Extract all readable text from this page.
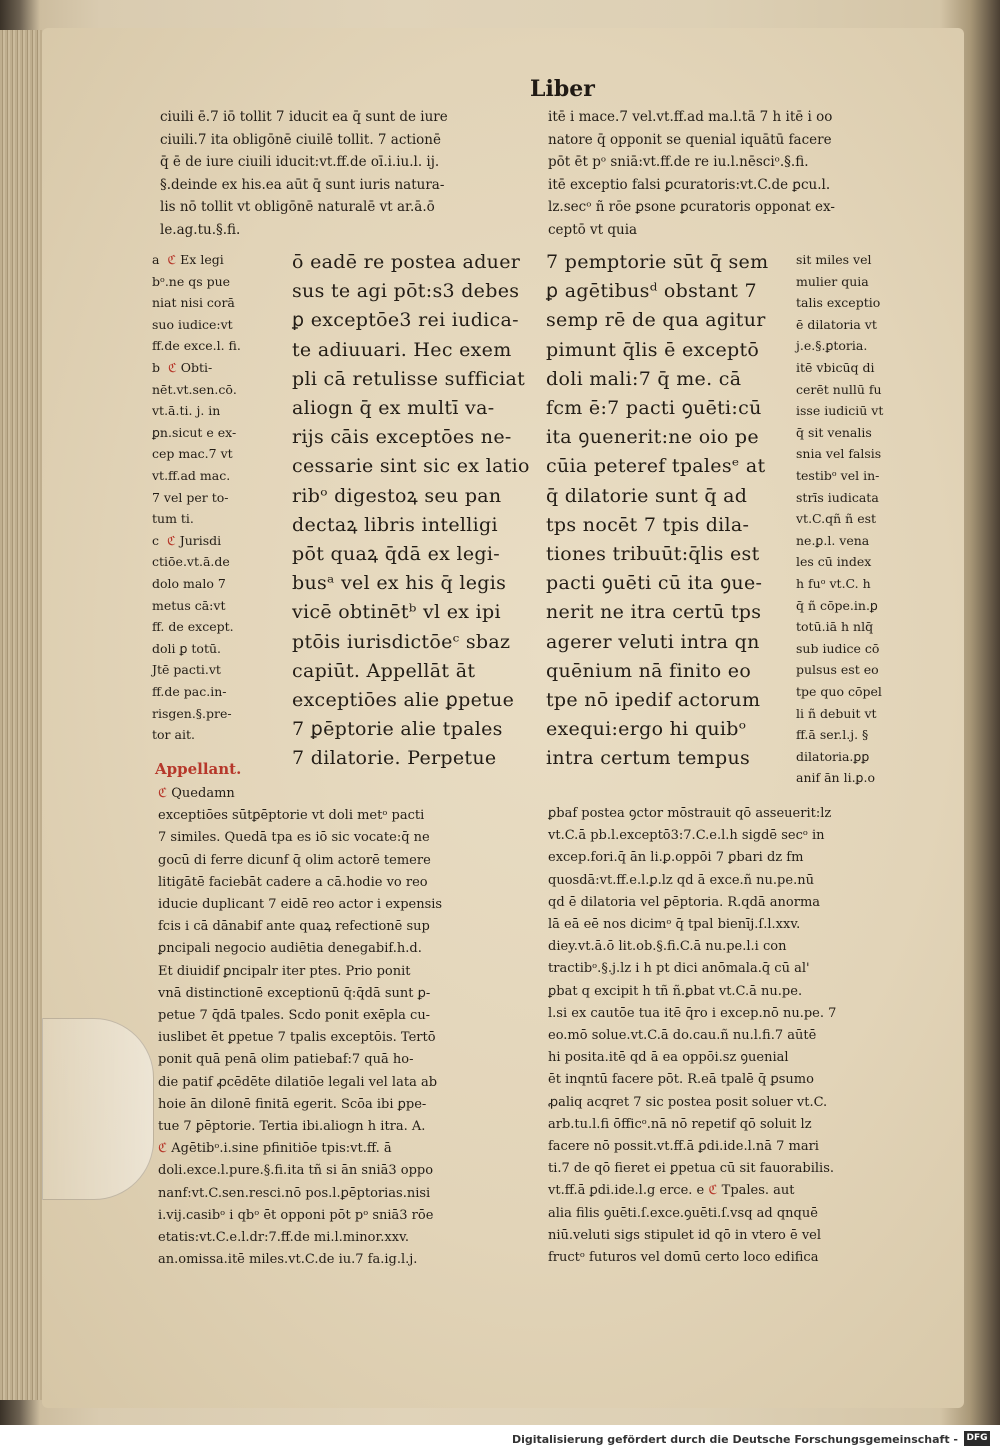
Liber
ciuili ē.7 iō tollit 7 iducit ea q̄ sunt de iure
ciuili.7 ita obligōnē ciuilē tollit. 7 actionē
q̄ ē de iure ciuili iducit:vt.ff.de oī.i.iu.l. ij.
§.deinde ex his.ea aūt q̄ sunt iuris natura-
lis nō tollit vt obligōnē naturalē vt ar.ā.ō
le.ag.tu.§.fi.
itē i mace.7 vel.vt.ff.ad ma.l.tā 7 h itē i oo
natore q̄ opponit se quenial iquātū facere
pōt ēt pᵒ sniā:vt.ff.de re iu.l.nēsciᵒ.§.fi.
itē exceptio falsi ꝑcuratoris:vt.C.de ꝑcu.l.
lz.secᵒ ñ rōe ꝑsone ꝑcuratoris opponat ex-
ceptō vt quia
a  ℭ Ex legi
bᵒ.ne qs pue
niat nisi corā
suo iudice:vt
ff.de exce.l. fi.
b  ℭ Obti-
nēt.vt.sen.cō.
vt.ā.ti. j. in
ꝑn.sicut e ex-
cep mac.7 vt
vt.ff.ad mac.
7 vel per to-
tum ti.
c  ℭ Jurisdi
ctiōe.vt.ā.de
dolo malo 7
metus cā:vt
ff. de except.
doli ꝑ totū.
Jtē pacti.vt
ff.de pac.in-
risgen.§.pre-
tor ait.
ō eadē re postea aduer
sus te agi pōt:s3 debes
ꝑ exceptōe3 rei iudica-
te adiuuari. Hec exem
pli cā retulisse sufficiat
aliogn q̄ ex multī va-
rijs cāis exceptōes ne-
cessarie sint sic ex latio
ribᵒ digestoꝝ seu pan
dectaꝝ libris intelligi
pōt quaꝝ q̄dā ex legi-
busᵃ vel ex his q̄ legis
vicē obtinētᵇ vl ex ipi
ptōis iurisdictōeᶜ sbaz
capiūt. Appellāt āt
exceptiōes alie ꝑpetue
7 ꝑēptorie alie tpales
7 dilatorie. Perpetue
7 pemptorie sūt q̄ sem
ꝑ agētibusᵈ obstant 7
semp rē de qua agitur
pimunt q̄lis ē exceptō
doli mali:7 q̄ me. cā
fcm ē:7 pacti ꝯuēti:cū
ita ꝯuenerit:ne oio pe
cūia peteref tpalesᵉ at
q̄ dilatorie sunt q̄ ad
tps nocēt 7 tpis dila-
tiones tribuūt:q̄lis est
pacti ꝯuēti cū ita ꝯue-
nerit ne itra certū tps
agerer veluti intra qn
quēnium nā finito eo
tpe nō ipedif actorum
exequi:ergo hi quibᵒ
intra certum tempus
sit miles vel
mulier quia
talis exceptio
ē dilatoria vt
j.e.§.ꝑtoria.
itē vbicūq di
cerēt nullū fu
isse iudiciū vt
q̄ sit venalis
snia vel falsis
testibᵒ vel in-
strīs iudicata
vt.C.qñ ñ est
ne.ꝑ.l. vena
les cū index
h fuᵒ vt.C. h
q̄ ñ cōpe.in.ꝑ
totū.iā h nlq̄
sub iudice cō
pulsus est eo
tpe quo cōpel
li ñ debuit vt
ff.ā ser.l.j. §
dilatoria.ꝑꝑ
anif ān li.ꝑ.o
Appellant.
ℭ Quedamn
exceptiōes sūtꝑēptorie vt doli metᵒ pacti
7 similes. Quedā tpa es iō sic vocate:q̄ ne
gocū di ferre dicunf q̄ olim actorē temere
litigātē faciebāt cadere a cā.hodie vo reo
iducie duplicant 7 eidē reo actor i expensis
fcis i cā dānabif ante quaꝝ refectionē sup
ꝑncipali negocio audiētia denegabif.h.d.
Et diuidif ꝑncipalr iter ptes. Prio ponit
vnā distinctionē exceptionū q̄:q̄dā sunt ꝑ-
petue 7 q̄dā tpales. Scdo ponit exēpla cu-
iuslibet ēt ꝑpetue 7 tpalis exceptōis. Tertō
ponit quā penā olim patiebaf:7 quā ho-
die patif ꝓcēdēte dilatiōe legali vel lata ab
hoie ān dilonē finitā egerit. Scōa ibi ꝑpe-
tue 7 ꝑēptorie. Tertia ibi.aliogn h itra. A.
ℭ Agētibᵒ.i.sine pfinitiōe tpis:vt.ff. ā
doli.exce.l.pure.§.fi.ita tñ si ān sniā3 oppo
nanf:vt.C.sen.resci.nō pos.l.ꝑēptorias.nisi
i.vij.casibᵒ i qbᵒ ēt opponi pōt pᵒ sniā3 rōe
etatis:vt.C.e.l.dr:7.ff.de mi.l.minor.xxv.
an.omissa.itē miles.vt.C.de iu.7 fa.ig.l.j.
ꝑbaf postea ꝯctor mōstrauit qō asseuerit:lz
vt.C.ā pb.l.exceptō3:7.C.e.l.h sigdē secᵒ in
excep.fori.q̄ ān li.ꝑ.oppōi 7 ꝑbari dz fm
quosdā:vt.ff.e.l.ꝑ.lz qd ā exce.ñ nu.pe.nū
qd ē dilatoria vel ꝑēptoria. R.qdā anorma
lā eā eē nos dicimᵒ q̄ tpal bienīj.ſ.l.xxv.
diey.vt.ā.ō lit.ob.§.fi.C.ā nu.pe.l.i con
tractibᵒ.§.j.lz i h pt dici anōmala.q̄ cū al'
ꝑbat q excipit h tñ ñ.ꝑbat vt.C.ā nu.pe.
l.si ex cautōe tua itē q̄ro i excep.nō nu.pe. 7
eo.mō solue.vt.C.ā do.cau.ñ nu.l.fi.7 aūtē
hi posita.itē qd ā ea oppōi.sz ꝯuenial
ēt inqntū facere pōt. R.eā tpalē q̄ ꝑsumo
ꝓaliq acqret 7 sic postea posit soluer vt.C.
arb.tu.l.fi ōfficᵒ.nā nō repetif qō soluit lz
facere nō possit.vt.ff.ā ꝑdi.ide.l.nā 7 mari
ti.7 de qō fieret ei ꝑpetua cū sit fauorabilis.
vt.ff.ā ꝑdi.ide.l.g erce. e ℭ Tpales. aut
alia filis ꝯuēti.ſ.exce.ꝯuēti.ſ.vsq ad qnquē
niū.veluti sigs stipulet id qō in vtero ē vel
fructᵒ futuros vel domū certo loco edifica
Digitalisierung gefördert durch die Deutsche Forschungsgemeinschaft - DFG
